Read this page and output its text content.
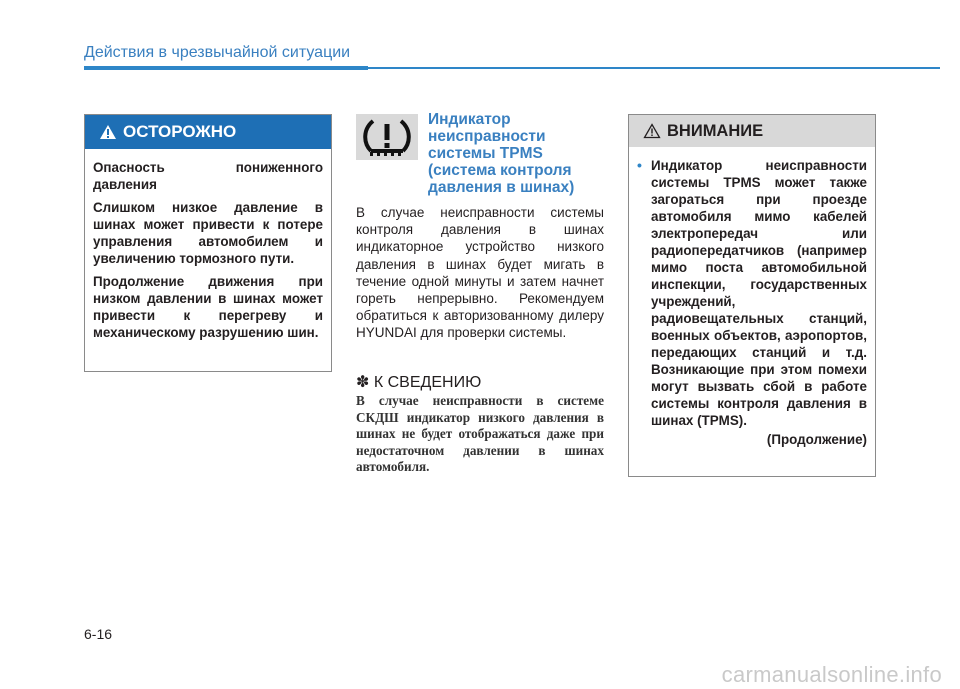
Действия в чрезвычайной ситуации
ОСТОРОЖНО

Опасность пониженного давления

Слишком низкое давление в шинах может привести к потере управления автомобилем и увеличению тормозного пути.

Продолжение движения при низком давлении в шинах может привести к перегреву и механическому разрушению шин.

Индикатор неисправности системы TPMS (система контроля давления в шинах)
В случае неисправности системы контроля давления в шинах индикаторное устройство низкого давления в шинах будет мигать в течение одной минуты и затем начнет гореть непрерывно. Рекомендуем обратиться к авторизованному дилеру HYUNDAI для проверки системы.
✽ К СВЕДЕНИЮ
В случае неисправности в системе СКДШ индикатор низкого давления в шинах не будет отображаться даже при недостаточном давлении в шинах автомобиля.
ВНИМАНИЕ
• Индикатор неисправности системы TPMS может также загораться при проезде автомобиля мимо кабелей электропередач или радиопередатчиков (например мимо поста автомобильной инспекции, государственных учреждений, радиовещательных станций, военных объектов, аэропортов, передающих станций и т.д. Возникающие при этом помехи могут вызвать сбой в работе системы контроля давления в шинах (TPMS).
(Продолжение)
6-16
carmanualsonline.info
